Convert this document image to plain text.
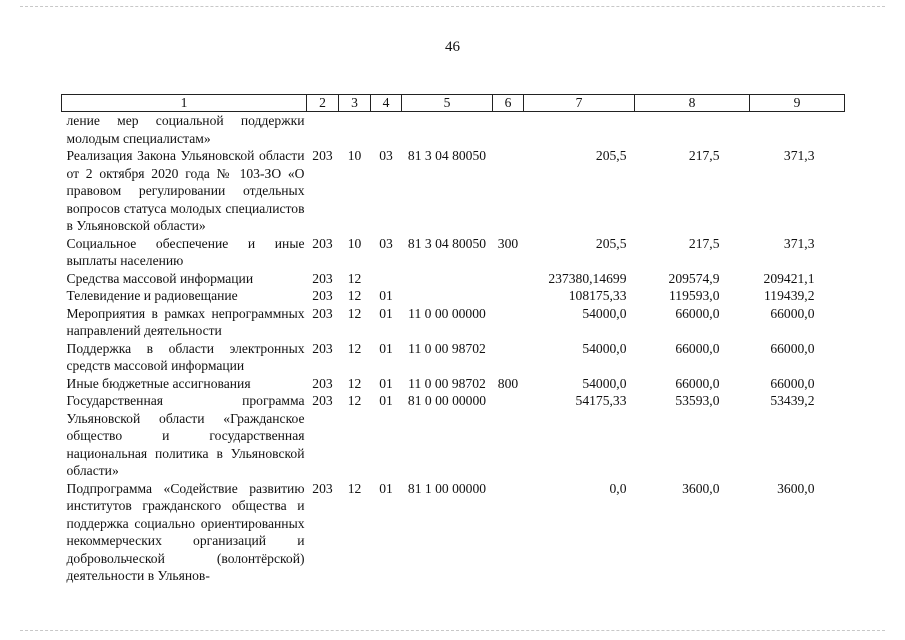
46
1	2	3	4	5	6	7	8	9
ление мер социальной поддержки молодым специалистам»								
Реализация Закона Ульяновской области от 2 октября 2020 года № 103-ЗО «О правовом регулировании отдельных вопросов статуса молодых специалистов в Ульяновской области»	203	10	03	81 3 04 80050		205,5	217,5	371,3
Социальное обеспечение и иные выплаты населению	203	10	03	81 3 04 80050	300	205,5	217,5	371,3
Средства массовой информации	203	12				237380,14699	209574,9	209421,1
Телевидение и радиовещание	203	12	01			108175,33	119593,0	119439,2
Мероприятия в рамках непрограммных направлений деятельности	203	12	01	11 0 00 00000		54000,0	66000,0	66000,0
Поддержка в области электронных средств массовой информации	203	12	01	11 0 00 98702		54000,0	66000,0	66000,0
Иные бюджетные ассигнования	203	12	01	11 0 00 98702	800	54000,0	66000,0	66000,0
Государственная программа Ульяновской области «Гражданское общество и государственная национальная политика в Ульяновской области»	203	12	01	81 0 00 00000		54175,33	53593,0	53439,2
Подпрограмма «Содействие развитию институтов гражданского общества и поддержка социально ориентированных некоммерческих организаций и добровольческой (волонтёрской) деятельности в Ульянов-	203	12	01	81 1 00 00000		0,0	3600,0	3600,0
